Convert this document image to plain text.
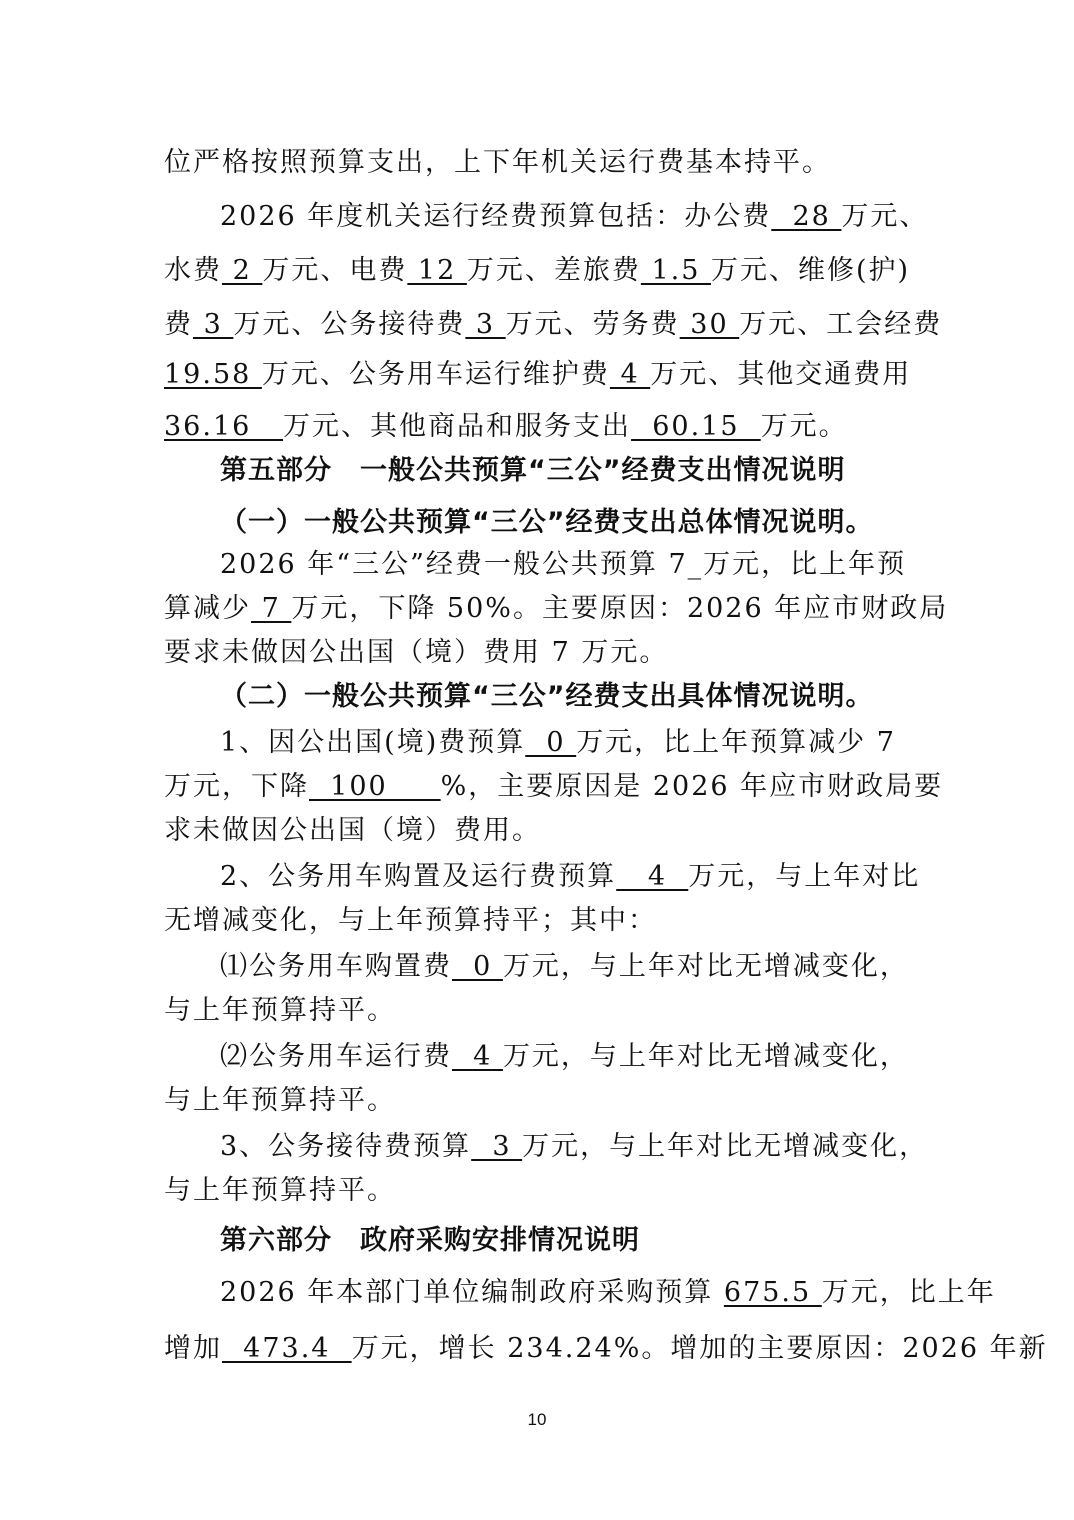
位严格按照预算支出，上下年机关运行费基本持平。
2026 年度机关运行经费预算包括：办公费  28 万元、
水费 2 万元、电费 12 万元、差旅费 1.5 万元、维修(护)
费 3 万元、公务接待费 3 万元、劳务费 30 万元、工会经费
19.58 万元、公务用车运行维护费 4 万元、其他交通费用
36.16   万元、其他商品和服务支出  60.15  万元。
第五部分　一般公共预算“三公”经费支出情况说明
（一）一般公共预算“三公”经费支出总体情况说明。
2026 年“三公”经费一般公共预算 7_万元，比上年预
算减少 7 万元，下降 50%。主要原因：2026 年应市财政局
要求未做因公出国（境）费用 7 万元。
（二）一般公共预算“三公”经费支出具体情况说明。
1、因公出国(境)费预算  0 万元，比上年预算减少 7
万元，下降  100     %，主要原因是 2026 年应市财政局要
求未做因公出国（境）费用。
2、公务用车购置及运行费预算   4  万元，与上年对比
无增减变化，与上年预算持平；其中：
⑴公务用车购置费  0 万元，与上年对比无增减变化，
与上年预算持平。
⑵公务用车运行费  4 万元，与上年对比无增减变化，
与上年预算持平。
3、公务接待费预算  3 万元，与上年对比无增减变化，
与上年预算持平。
第六部分　政府采购安排情况说明
2026 年本部门单位编制政府采购预算 675.5 万元，比上年
增加  473.4  万元，增长 234.24%。增加的主要原因：2026 年新
10
